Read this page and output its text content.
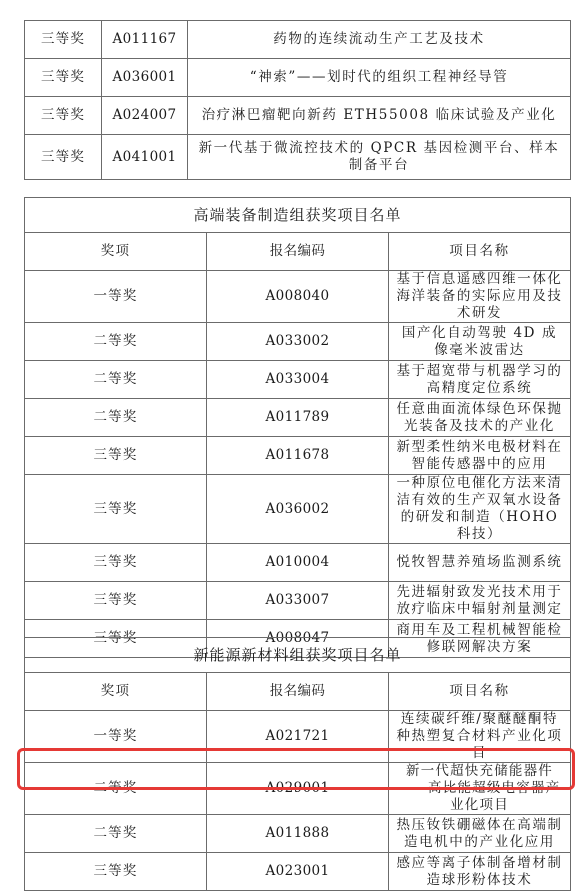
三等奖	A011167	药物的连续流动生产工艺及技术
三等奖	A036001	“神索”——划时代的组织工程神经导管
三等奖	A024007	治疗淋巴瘤靶向新药 ETH55008 临床试验及产业化
三等奖	A041001	新一代基于微流控技术的 QPCR 基因检测平台、样本制备平台
高端装备制造组获奖项目名单		
奖项	报名编码	项目名称
一等奖	A008040	基于信息遥感四维一体化海洋装备的实际应用及技术研发
二等奖	A033002	国产化自动驾驶 4D 成像毫米波雷达
二等奖	A033004	基于超宽带与机器学习的高精度定位系统
二等奖	A011789	任意曲面流体绿色环保抛光装备及技术的产业化
三等奖	A011678	新型柔性纳米电极材料在智能传感器中的应用
三等奖	A036002	一种原位电催化方法来清洁有效的生产双氧水设备的研发和制造（HOHO 科技）
三等奖	A010004	悦牧智慧养殖场监测系统
三等奖	A033007	先进辐射致发光技术用于放疗临床中辐射剂量测定
三等奖	A008047	商用车及工程机械智能检修联网解决方案
新能源新材料组获奖项目名单		
奖项	报名编码	项目名称
一等奖	A021721	连续碳纤维/聚醚醚酮特种热塑复合材料产业化项目
二等奖	A029001	新一代超快充储能器件——高比能超级电容器产业化项目
二等奖	A011888	热压钕铁硼磁体在高端制造电机中的产业化应用
三等奖	A023001	感应等离子体制备增材制造球形粉体技术
